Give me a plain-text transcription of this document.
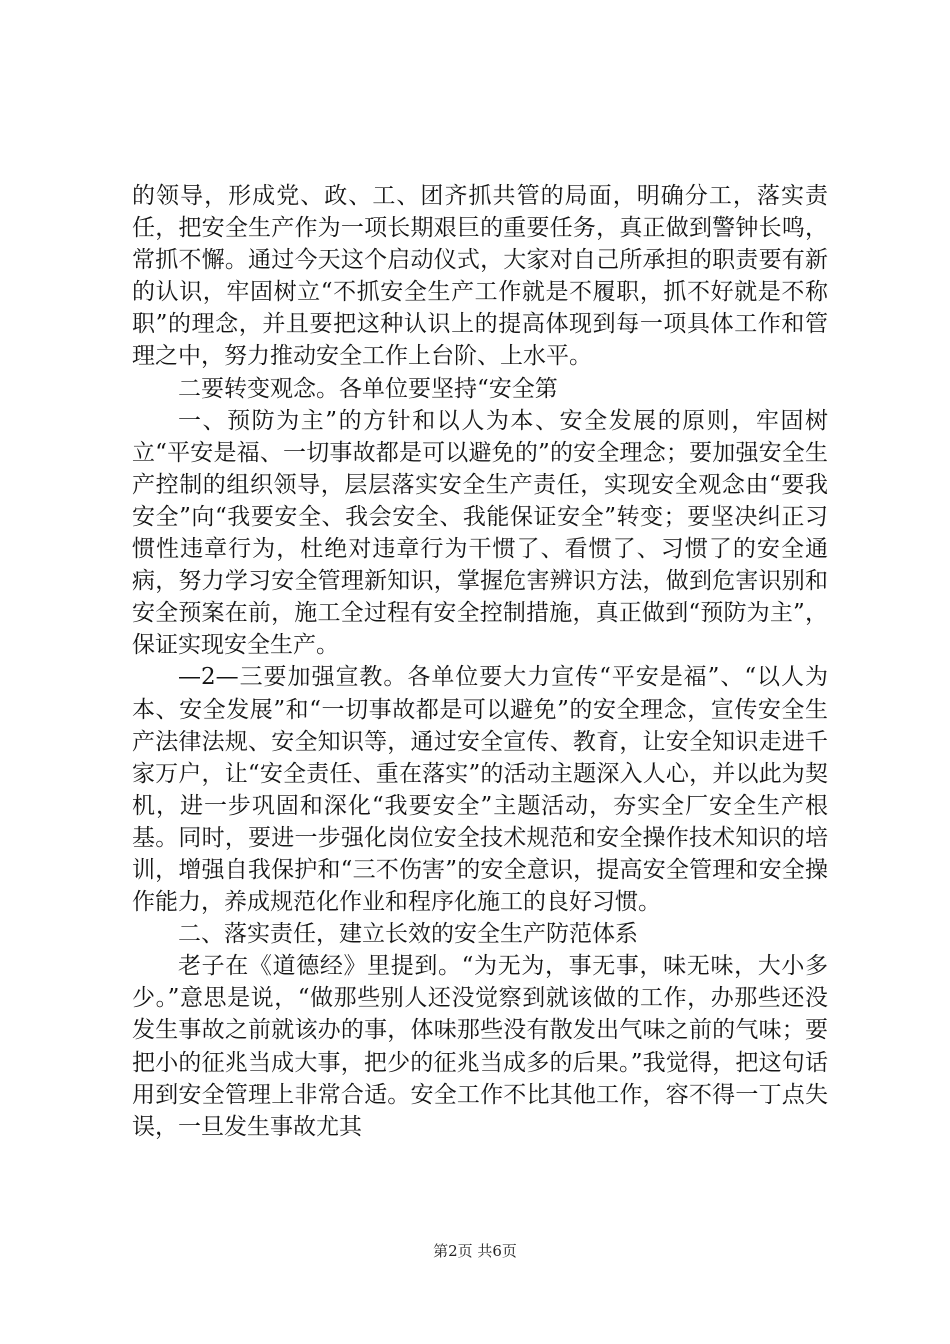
的领导，形成党、政、工、团齐抓共管的局面，明确分工，落实责任，把安全生产作为一项长期艰巨的重要任务，真正做到警钟长鸣，常抓不懈。通过今天这个启动仪式，大家对自己所承担的职责要有新的认识，牢固树立“不抓安全生产工作就是不履职，抓不好就是不称职”的理念，并且要把这种认识上的提高体现到每一项具体工作和管理之中，努力推动安全工作上台阶、上水平。

二要转变观念。各单位要坚持“安全第

一、预防为主”的方针和以人为本、安全发展的原则，牢固树立“平安是福、一切事故都是可以避免的”的安全理念；要加强安全生产控制的组织领导，层层落实安全生产责任，实现安全观念由“要我安全”向“我要安全、我会安全、我能保证安全”转变；要坚决纠正习惯性违章行为，杜绝对违章行为干惯了、看惯了、习惯了的安全通病，努力学习安全管理新知识，掌握危害辨识方法，做到危害识别和安全预案在前，施工全过程有安全控制措施，真正做到“预防为主”，保证实现安全生产。

—2—三要加强宣教。各单位要大力宣传“平安是福”、“以人为本、安全发展”和“一切事故都是可以避免”的安全理念，宣传安全生产法律法规、安全知识等，通过安全宣传、教育，让安全知识走进千家万户，让“安全责任、重在落实”的活动主题深入人心，并以此为契机，进一步巩固和深化“我要安全”主题活动，夯实全厂安全生产根基。同时，要进一步强化岗位安全技术规范和安全操作技术知识的培训，增强自我保护和“三不伤害”的安全意识，提高安全管理和安全操作能力，养成规范化作业和程序化施工的良好习惯。

二、落实责任，建立长效的安全生产防范体系

老子在《道德经》里提到。“为无为，事无事，味无味，大小多少。”意思是说，“做那些别人还没觉察到就该做的工作，办那些还没发生事故之前就该办的事，体味那些没有散发出气味之前的气味；要把小的征兆当成大事，把少的征兆当成多的后果。”我觉得，把这句话用到安全管理上非常合适。安全工作不比其他工作，容不得一丁点失误，一旦发生事故尤其

第2页 共6页
